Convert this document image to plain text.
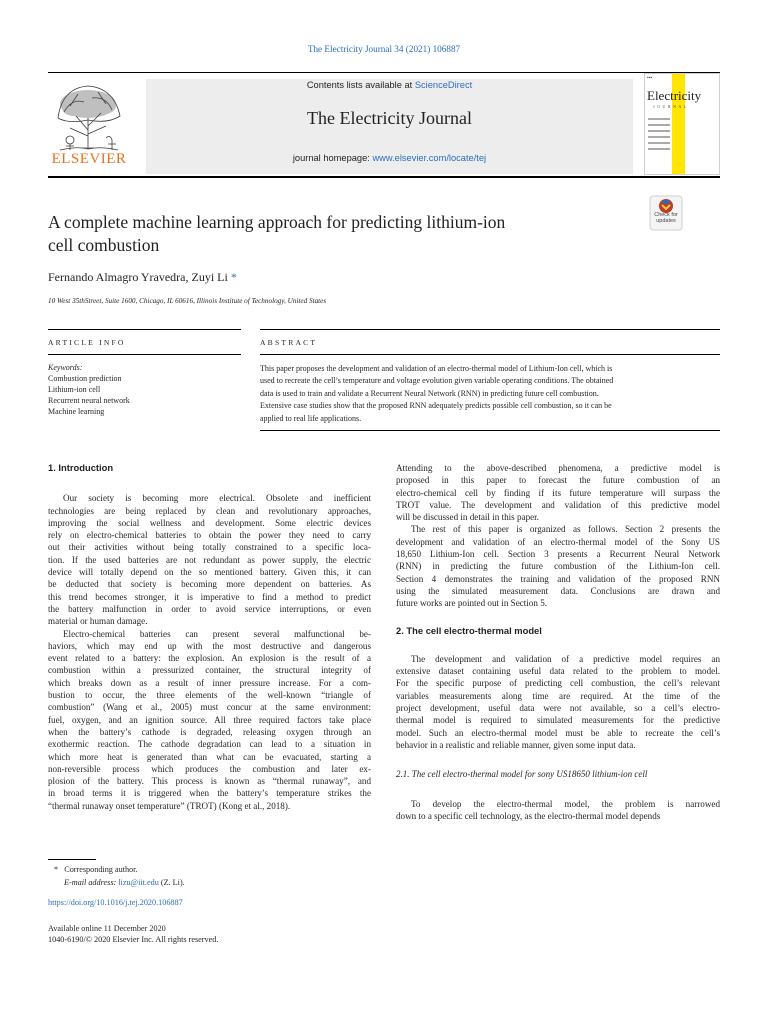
The Electricity Journal 34 (2021) 106887
ELSEVIER
Contents lists available at ScienceDirect
The Electricity Journal
journal homepage: www.elsevier.com/locate/tej
▪▪▪
Electricity
JOURNAL
Check for
updates
A complete machine learning approach for predicting lithium-ion
cell combustion
Fernando Almagro Yravedra, Zuyi Li *
10 West 35thStreet, Suite 1600, Chicago, IL 60616, Illinois Institute of Technology, United States
ARTICLE INFO	ABSTRACT
Keywords:
Combustion prediction
Lithium-ion cell
Recurrent neural network
Machine learning
This paper proposes the development and validation of an electro-thermal model of Lithium-Ion cell, which is
used to recreate the cell’s temperature and voltage evolution given variable operating conditions. The obtained
data is used to train and validate a Recurrent Neural Network (RNN) in predicting future cell combustion.
Extensive case studies show that the proposed RNN adequately predicts possible cell combustion, so it can be
applied to real life applications.
1. Introduction
Our society is becoming more electrical. Obsolete and inefficient
technologies are being replaced by clean and revolutionary approaches,
improving the social wellness and development. Some electric devices
rely on electro-chemical batteries to obtain the power they need to carry
out their activities without being totally constrained to a specific loca-
tion. If the used batteries are not redundant as power supply, the electric
device will totally depend on the so mentioned battery. Given this, it can
be deducted that society is becoming more dependent on batteries. As
this trend becomes stronger, it is imperative to find a method to predict
the battery malfunction in order to avoid service interruptions, or even
material or human damage.
Electro-chemical batteries can present several malfunctional be-
haviors, which may end up with the most destructive and dangerous
event related to a battery: the explosion. An explosion is the result of a
combustion within a pressurized container, the structural integrity of
which breaks down as a result of inner pressure increase. For a com-
bustion to occur, the three elements of the well-known “triangle of
combustion” (Wang et al., 2005) must concur at the same environment:
fuel, oxygen, and an ignition source. All three required factors take place
when the battery’s cathode is degraded, releasing oxygen through an
exothermic reaction. The cathode degradation can lead to a situation in
which more heat is generated than what can be evacuated, starting a
non-reversible process which produces the combustion and later ex-
plosion of the battery. This process is known as “thermal runaway”, and
in broad terms it is triggered when the battery’s temperature strikes the
“thermal runaway onset temperature” (TROT) (Kong et al., 2018).
Attending to the above-described phenomena, a predictive model is
proposed in this paper to forecast the future combustion of an
electro-chemical cell by finding if its future temperature will surpass the
TROT value. The development and validation of this predictive model
will be discussed in detail in this paper.
The rest of this paper is organized as follows. Section 2 presents the
development and validation of an electro-thermal model of the Sony US
18,650 Lithium-Ion cell. Section 3 presents a Recurrent Neural Network
(RNN) in predicting the future combustion of the Lithium-Ion cell.
Section 4 demonstrates the training and validation of the proposed RNN
using the simulated measurement data. Conclusions are drawn and
future works are pointed out in Section 5.
2. The cell electro-thermal model
The development and validation of a predictive model requires an
extensive dataset containing useful data related to the problem to model.
For the specific purpose of predicting cell combustion, the cell’s relevant
variables measurements along time are required. At the time of the
project development, useful data were not available, so a cell’s electro-
thermal model is required to simulated measurements for the predictive
model. Such an electro-thermal model must be able to recreate the cell’s
behavior in a realistic and reliable manner, given some input data.
2.1. The cell electro-thermal model for sony US18650 lithium-ion cell
To develop the electro-thermal model, the problem is narrowed
down to a specific cell technology, as the electro-thermal model depends
* Corresponding author.
E-mail address: lizu@iit.edu (Z. Li).
https://doi.org/10.1016/j.tej.2020.106887
Available online 11 December 2020
1040-6190/© 2020 Elsevier Inc. All rights reserved.
